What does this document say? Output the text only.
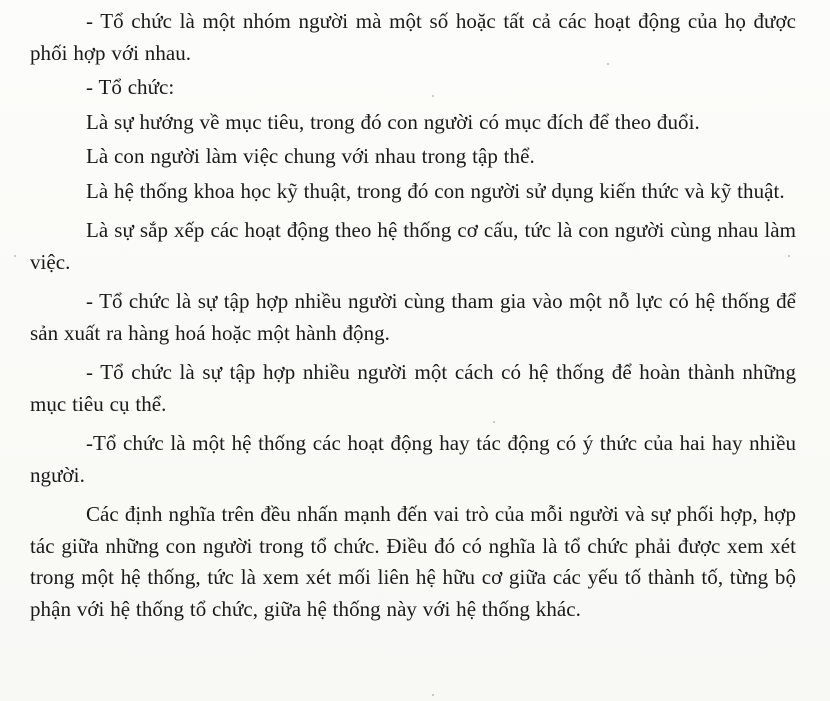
- Tổ chức là một nhóm người mà một số hoặc tất cả các hoạt động của họ được phối hợp với nhau.

- Tổ chức:

Là sự hướng về mục tiêu, trong đó con người có mục đích để theo đuổi.

Là con người làm việc chung với nhau trong tập thể.

Là hệ thống khoa học kỹ thuật, trong đó con người sử dụng kiến thức và kỹ thuật.

Là sự sắp xếp các hoạt động theo hệ thống cơ cấu, tức là con người cùng nhau làm việc.

- Tổ chức là sự tập hợp nhiều người cùng tham gia vào một nỗ lực có hệ thống để sản xuất ra hàng hoá hoặc một hành động.

- Tổ chức là sự tập hợp nhiều người một cách có hệ thống để hoàn thành những mục tiêu cụ thể.

-Tổ chức là một hệ thống các hoạt động hay tác động có ý thức của hai hay nhiều người.

Các định nghĩa trên đều nhấn mạnh đến vai trò của mỗi người và sự phối hợp, hợp tác giữa những con người trong tổ chức. Điều đó có nghĩa là tổ chức phải được xem xét trong một hệ thống, tức là xem xét mối liên hệ hữu cơ giữa các yếu tố thành tố, từng bộ phận với hệ thống tổ chức, giữa hệ thống này với hệ thống khác.
